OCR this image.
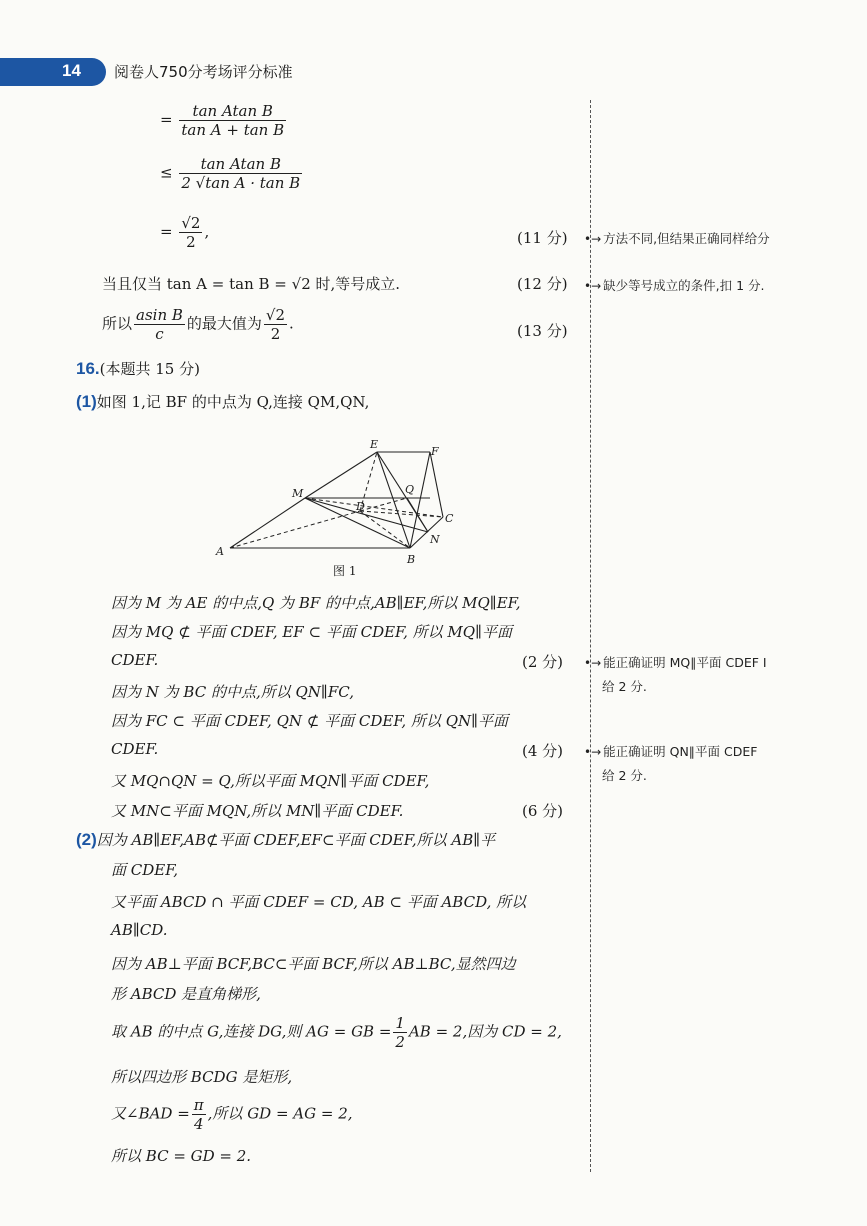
14 阅卷人750分考场评分标准
= $\frac{\text{tan Atan B}}{\text{tan A + tan B}}$
≤ $\frac{\text{tan Atan B}}{\text{2 √tan A · tan B}}$
= $\frac{√2}{2}$ ,	(11 分) •→ 方法不同,但结果正确同样给分
当且仅当 tan A = tan B = √2 时,等号成立.	(12 分) •→ 缺少等号成立的条件,扣 1 分.
所以 $\frac{\text{asin B}}{c}$ 的最大值为 $\frac{√2}{2}$ .	(13 分)
16.(本题共 15 分)
(1)如图 1,记 BF 的中点为 Q,连接 QM,QN,
E
F
M	Q
D
C
N
A
B
图 1
因为 M 为 AE 的中点,Q 为 BF 的中点,AB∥EF,所以 MQ∥EF,
因为 MQ ⊄ 平面 CDEF, EF ⊂ 平面 CDEF, 所以 MQ∥平面
CDEF.	(2 分) •→ 能正确证明 MQ∥平面 CDEF I
给 2 分.
因为 N 为 BC 的中点,所以 QN∥FC,
因为 FC ⊂ 平面 CDEF, QN ⊄ 平面 CDEF, 所以 QN∥平面
CDEF.	(4 分) •→ 能正确证明 QN∥平面 CDEF
给 2 分.
又 MQ∩QN = Q,所以平面 MQN∥平面 CDEF,
又 MN⊂平面 MQN,所以 MN∥平面 CDEF.	(6 分)
(2)因为 AB∥EF,AB⊄平面 CDEF,EF⊂平面 CDEF,所以 AB∥平
面 CDEF,
又平面 ABCD ∩ 平面 CDEF = CD, AB ⊂ 平面 ABCD, 所以
AB∥CD.
因为 AB⊥平面 BCF,BC⊂平面 BCF,所以 AB⊥BC,显然四边
形 ABCD 是直角梯形,
取 AB 的中点 G,连接 DG,则 AG = GB = $\frac{1}{2}$ AB = 2,因为 CD = 2,
所以四边形 BCDG 是矩形,
又∠BAD = $\frac{\pi}{4}$ ,所以 GD = AG = 2,
所以 BC = GD = 2.
